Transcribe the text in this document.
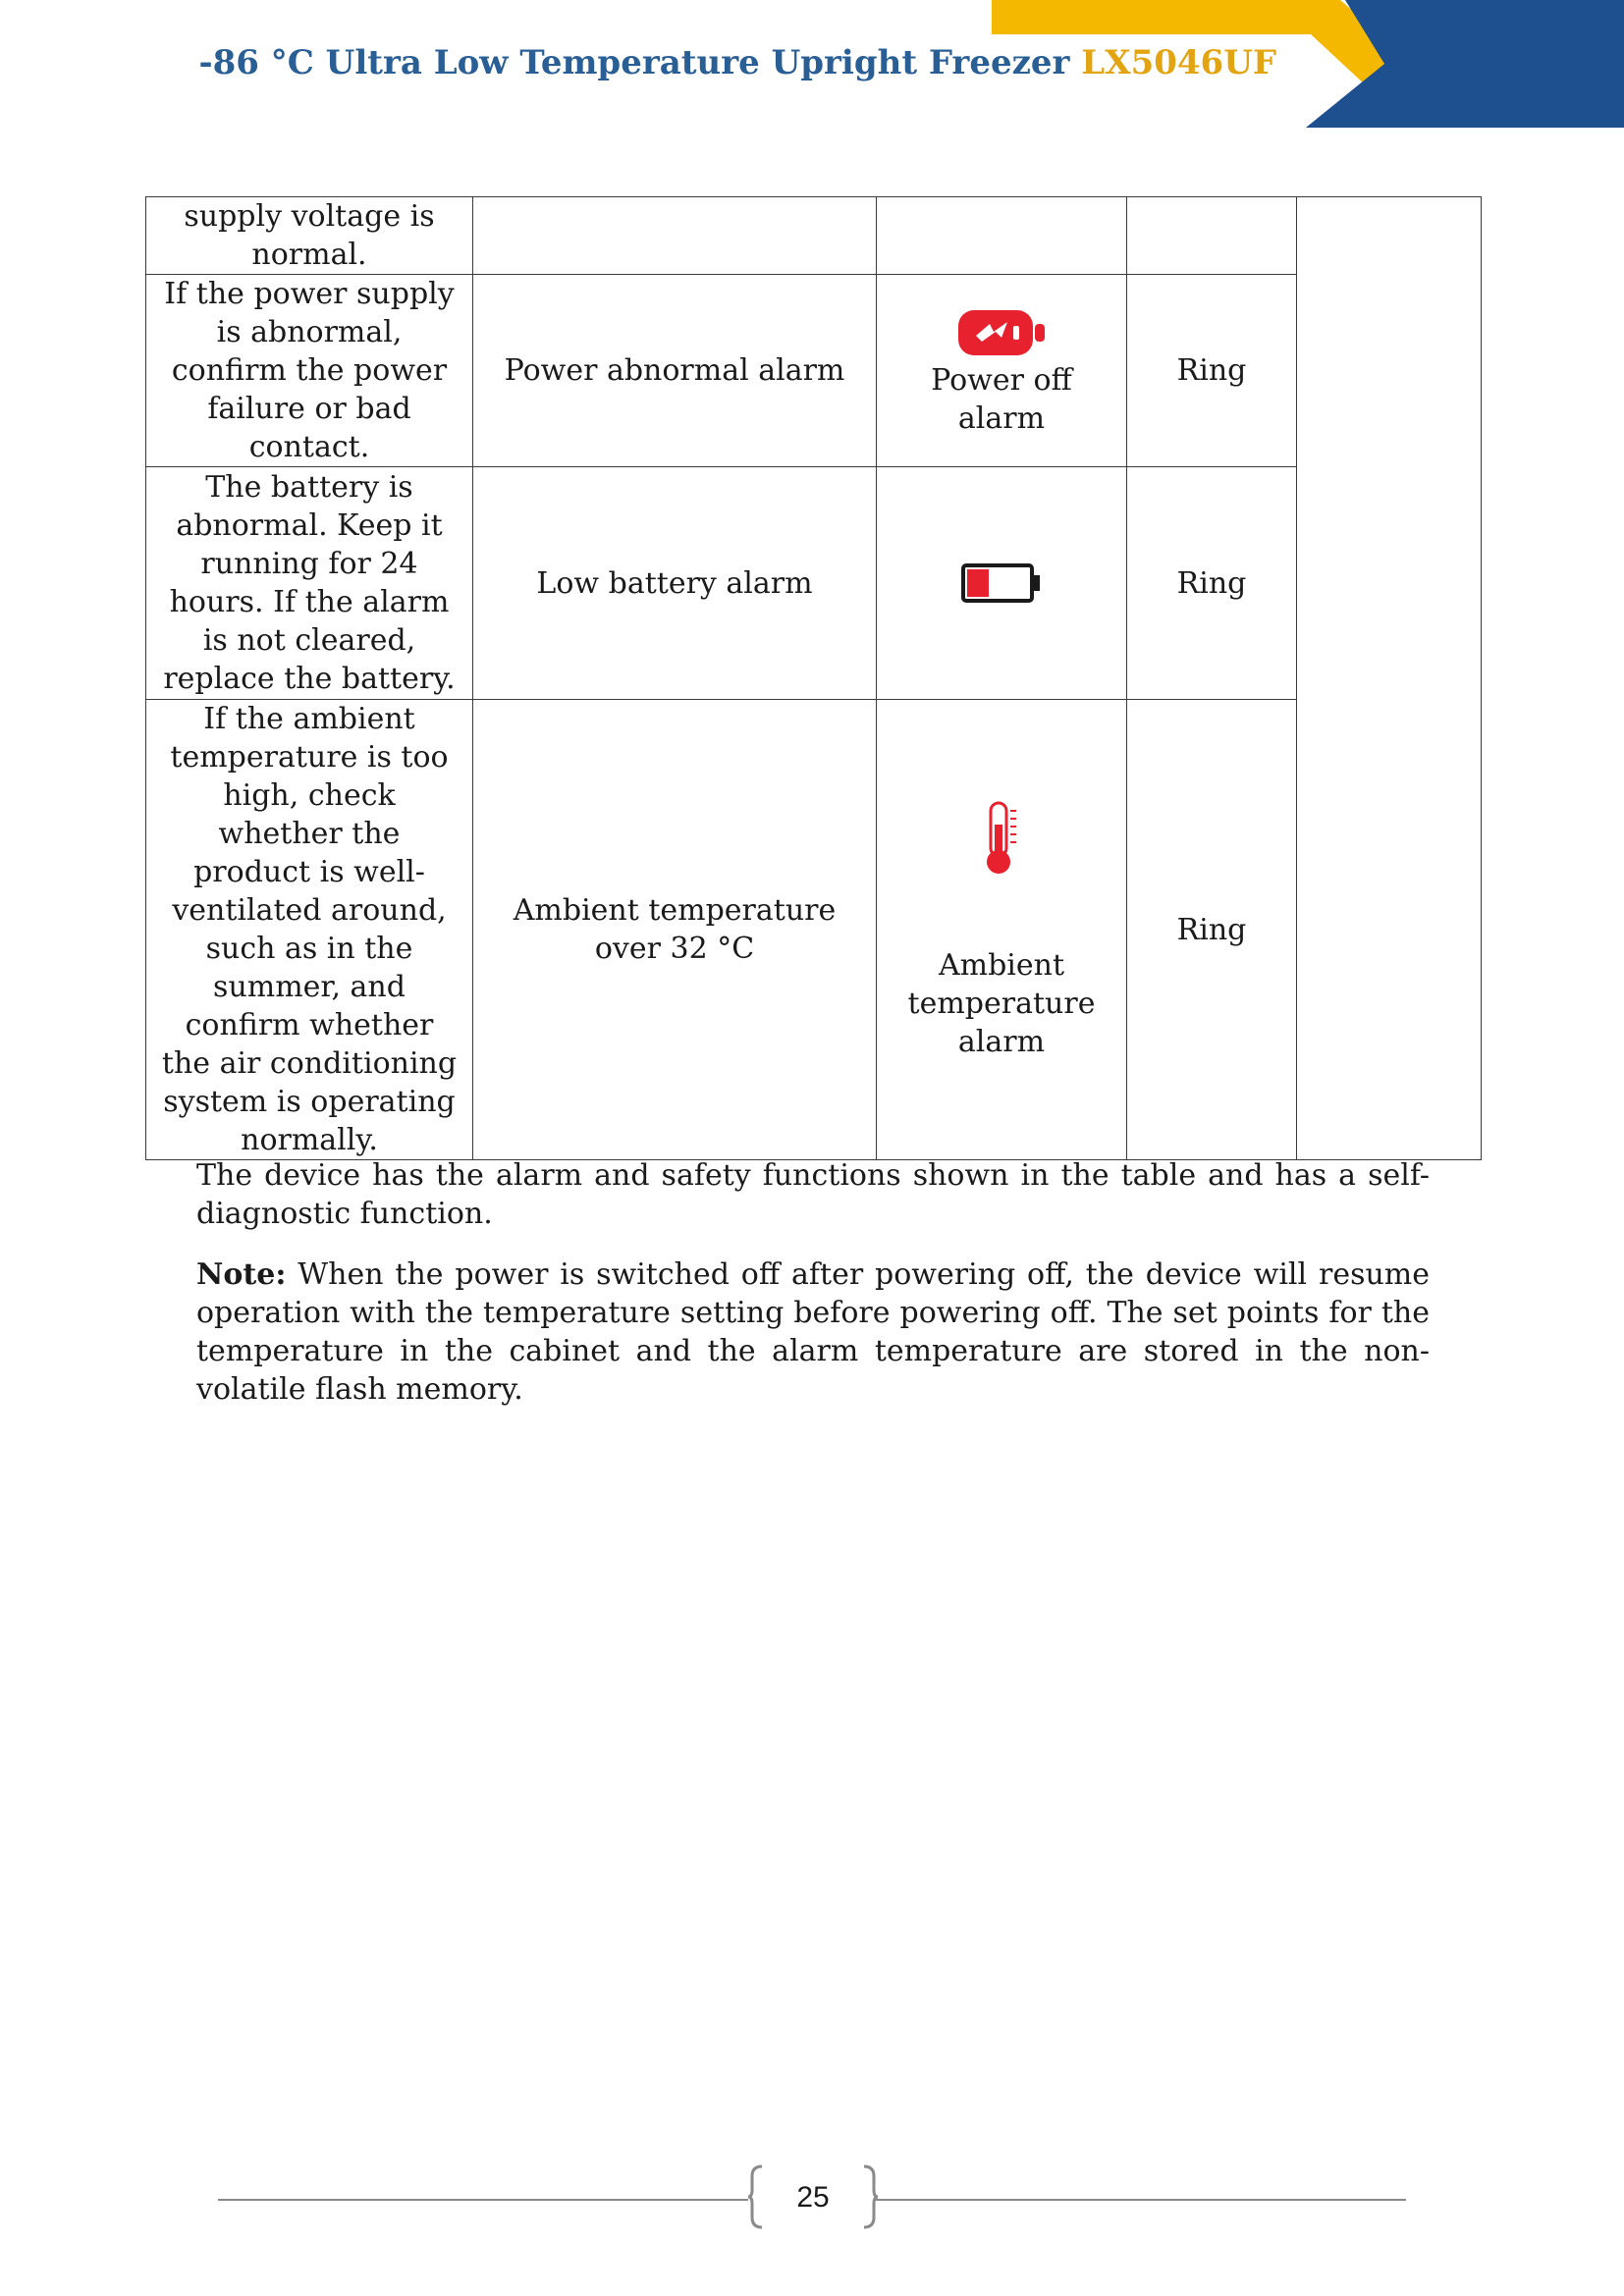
-86 °C Ultra Low Temperature Upright Freezer LX5046UF
supply voltage is normal.				
If the power supply is abnormal, confirm the power failure or bad contact.	Power abnormal alarm	Power off alarm	Ring	
The battery is abnormal. Keep it running for 24 hours. If the alarm is not cleared, replace the battery.	Low battery alarm		Ring	
If the ambient temperature is too high, check whether the product is well-ventilated around, such as in the summer, and confirm whether the air conditioning system is operating normally.	Ambient temperature over 32 °C	Ambient temperature alarm	Ring	

The device has the alarm and safety functions shown in the table and has a self-diagnostic function.

Note: When the power is switched off after powering off, the device will resume operation with the temperature setting before powering off. The set points for the temperature in the cabinet and the alarm temperature are stored in the non-volatile flash memory.

25
